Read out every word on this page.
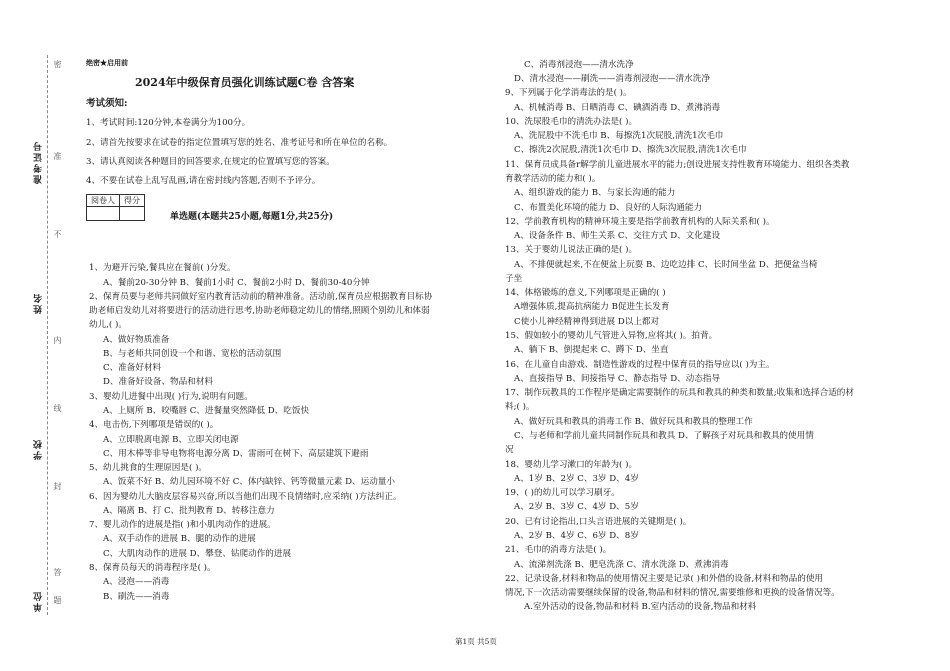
密
封
线
内
不
准
答
题
准考证号
姓名
学校
单位
绝密★启用前
2024年中级保育员强化训练试题C卷 含答案
考试须知:
1、考试时间:120分钟,本卷满分为100分。
2、请首先按要求在试卷的指定位置填写您的姓名、准考证号和所在单位的名称。
3、请认真阅读各种题目的回答要求,在规定的位置填写您的答案。
4、不要在试卷上乱写乱画,请在密封线内答题,否则不予评分。
阅卷人	得分

单选题(本题共25小题,每题1分,共25分)
1、为避开污染,餐具应在餐前( )分发。
A、餐前20-30分钟 B、餐前1小时 C、餐前2小时 D、餐前30-40分钟
2、保育员要与老师共同做好室内教育活动前的精神准备。活动前,保育员应根据教育目标协
助老师启发幼儿对将要进行的活动进行思考,协助老师稳定幼儿的情绪,照顾个别幼儿和体弱
幼儿,( )。
A、做好物质准备
B、与老师共同创设一个和谐、宽松的活动氛围
C、准备好材料
D、准备好设备、物品和材料
3、婴幼儿进餐中出现( )行为,说明有问题。
A、上厕所 B、咬嘴唇 C、进餐量突然降低 D、吃饭快
4、电击伤,下列哪项是错误的( )。
A、立即脱离电源 B、立即关闭电源
C、用木棒等非导电物将电源分离 D、雷雨可在树下、高层建筑下避雨
5、幼儿挑食的生理原因是( )。
A、饭菜不好 B、幼儿园环境不好 C、体内缺锌、钙等微量元素 D、运动量小
6、因为婴幼儿大脑皮层容易兴奋,所以当他们出现不良情绪时,应采纳( )方法纠正。
A、隔离 B、打 C、批判教育 D、转移注意力
7、婴儿动作的进展是指( )和小肌肉动作的进展。
A、双手动作的进展 B、腿的动作的进展
C、大肌肉动作的进展 D、攀登、钻爬动作的进展
8、保育员每天的消毒程序是( )。
A、浸泡——消毒
B、刷洗——消毒
C、消毒剂浸泡——清水洗净
D、清水浸泡——刷洗——消毒剂浸泡——清水洗净
9、下列属于化学消毒法的是( )。
A、机械消毒 B、日晒消毒 C、碘酒消毒 D、煮沸消毒
10、洗尿股毛巾的清洗办法是( )。
A、洗屁股中不洗毛巾 B、每擦洗1次屁股,清洗1次毛巾
C、擦洗2次屁股,清洗1次毛巾 D、擦洗3次屁股,清洗1次毛巾
11、保育员成具备r解学前儿童进展水平的能力;创设进展支持性教育环境能力、组织各类教
育教学活动的能力和( )。
A、组织游戏的能力 B、与家长沟通的能力
C、布置美化环境的能力 D、良好的人际沟通能力
12、学前教育机构的精神环境主要是指学前教育机构的人际关系和( )。
A、设备条件 B、师生关系 C、交往方式 D、文化建设
13、关于婴幼儿说法正确的是( )。
A、不排便就起来,不在便盆上玩耍 B、边吃边排 C、长时间坐盆 D、把便盆当椅
子坐
14、体格锻炼的意义,下列哪项是正确的( )
A增强体质,提高抗病能力 B促进生长发育
C使小儿神经精神得到进展 D以上都对
15、假如较小的婴幼儿气管进入异物,应将其( )。拍背。
A、躺下 B、倒提起来 C、蹲下 D、坐直
16、在儿童自由游戏、制造性游戏的过程中保育员的指导应以( )为主。
A、直接指导 B、间接指导 C、静态指导 D、动态指导
17、制作玩教具的工作程序是确定需要制作的玩具和教具的种类和数量;收集和选择合适的材
料;( )。
A、做好玩具和教具的消毒工作 B、做好玩具和教具的整理工作
C、与老师和学前儿童共同制作玩具和教具 D、了解孩子对玩具和教具的使用情
况
18、婴幼儿学习漱口的年龄为( )。
A、1岁 B、2岁 C、3岁 D、4岁
19、( )的幼儿可以学习刷牙。
A、2岁 B、3岁 C、4岁 D、5岁
20、已有讨论指出,口头言语进展的关键期是( )。
A、2岁 B、4岁 C、6岁 D、8岁
21、毛巾的消毒方法是( )。
A、流涕剂洗涤 B、肥皂洗涤 C、清水洗涤 D、煮沸消毒
22、记录设备,材料和物品的使用情况主要是记录( )和外借的设备,材料和物品的使用
情况,下一次活动需要继续保留的设备,物品和材料的情况,需要维修和更换的设备情况等。
A.室外活动的设备,物品和材料 B.室内活动的设备,物品和材料
第1页 共5页
